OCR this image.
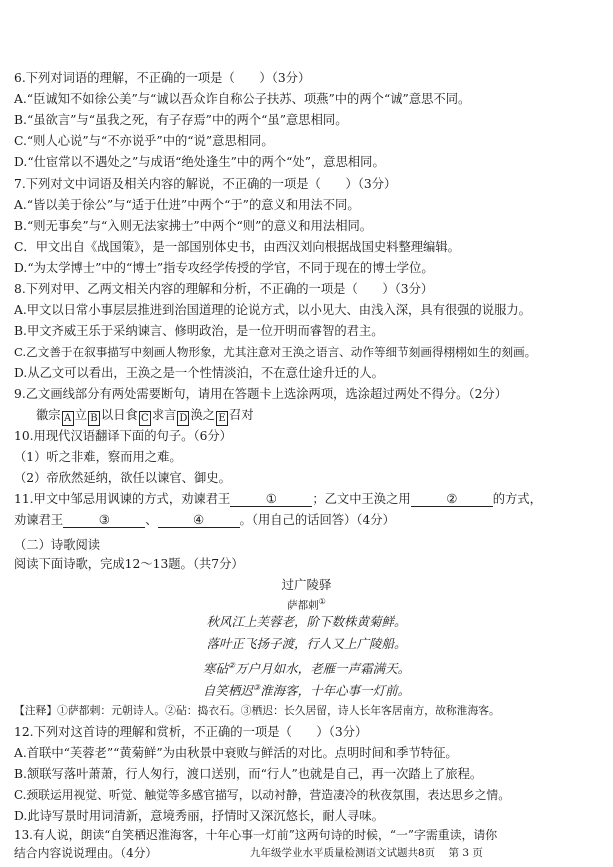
6.下列对词语的理解，不正确的一项是（　　）（3分）
A.“臣诚知不如徐公美”与“诚以吾众诈自称公子扶苏、项燕”中的两个“诚”意思不同。
B.“虽欲言”与“虽我之死，有子存焉”中的两个“虽”意思相同。
C.“则人心说”与“不亦说乎”中的“说”意思相同。
D.“仕宦常以不遇处之”与成语“绝处逢生”中的两个“处”，意思相同。
7.下列对文中词语及相关内容的解说，不正确的一项是（　　）（3分）
A.“皆以美于徐公”与“适于仕进”中两个“于”的意义和用法不同。
B.“则无事矣”与“入则无法家拂士”中两个“则”的意义和用法相同。
C．甲文出自《战国策》，是一部国别体史书，由西汉刘向根据战国史料整理编辑。
D.“为太学博士”中的“博士”指专攻经学传授的学官，不同于现在的博士学位。
8.下列对甲、乙两文相关内容的理解和分析，不正确的一项是（　　）（3分）
A.甲文以日常小事层层推进到治国道理的论说方式，以小见大、由浅入深，具有很强的说服力。
B.甲文齐威王乐于采纳谏言、修明政治，是一位开明而睿智的君主。
C.乙文善于在叙事描写中刻画人物形象，尤其注意对王涣之语言、动作等细节刻画得栩栩如生的刻画。
D.从乙文可以看出，王涣之是一个性情淡泊，不在意仕途升迁的人。
9.乙文画线部分有两处需要断句，请用在答题卡上选涂两项，选涂超过两处不得分。（2分）
徽宗 A 立 B 以日食 C 求言 D 涣之 E 召对
10.用现代汉语翻译下面的句子。（6分）
（1）听之非难，察而用之难。
（2）帝欣然延纳，欲任以谏官、御史。
11.甲文中邹忌用讽谏的方式，劝谏君王	①	；乙文中王涣之用	②	的方式，
劝谏君王	③	、	④	。（用自己的话回答）（4分）
（二）诗歌阅读
阅读下面诗歌，完成12～13题。（共7分）
过广陵驿
萨都剌①
秋风江上芙蓉老，阶下数株黄菊鲜。
落叶正飞扬子渡，行人又上广陵船。
寒砧②万户月如水，老雁一声霜满天。
自笑栖迟③淮海客，十年心事一灯前。
【注释】①萨都剌：元朝诗人。②砧：捣衣石。③栖迟：长久居留，诗人长年客居南方，故称淮海客。
12.下列对这首诗的理解和赏析，不正确的一项是（　　）（3分）
A.首联中“芙蓉老”“黄菊鲜”为由秋景中衰败与鲜活的对比。点明时间和季节特征。
B.颔联写落叶萧萧，行人匆行，渡口送别，而“行人”也就是自己，再一次踏上了旅程。
C.颈联运用视觉、听觉、触觉等多感官描写，以动衬静，营造凄冷的秋夜氛围，表达思乡之情。
D.此诗写景时用词清新，意境秀丽，抒情时又深沉悠长，耐人寻味。
13.有人说，朗读“自笑栖迟淮海客，十年心事一灯前”这两句诗的时候，“一”字需重读，请你
结合内容说说理由。（4分）	九年级学业水平质量检测语文试题共8页 第 3 页
